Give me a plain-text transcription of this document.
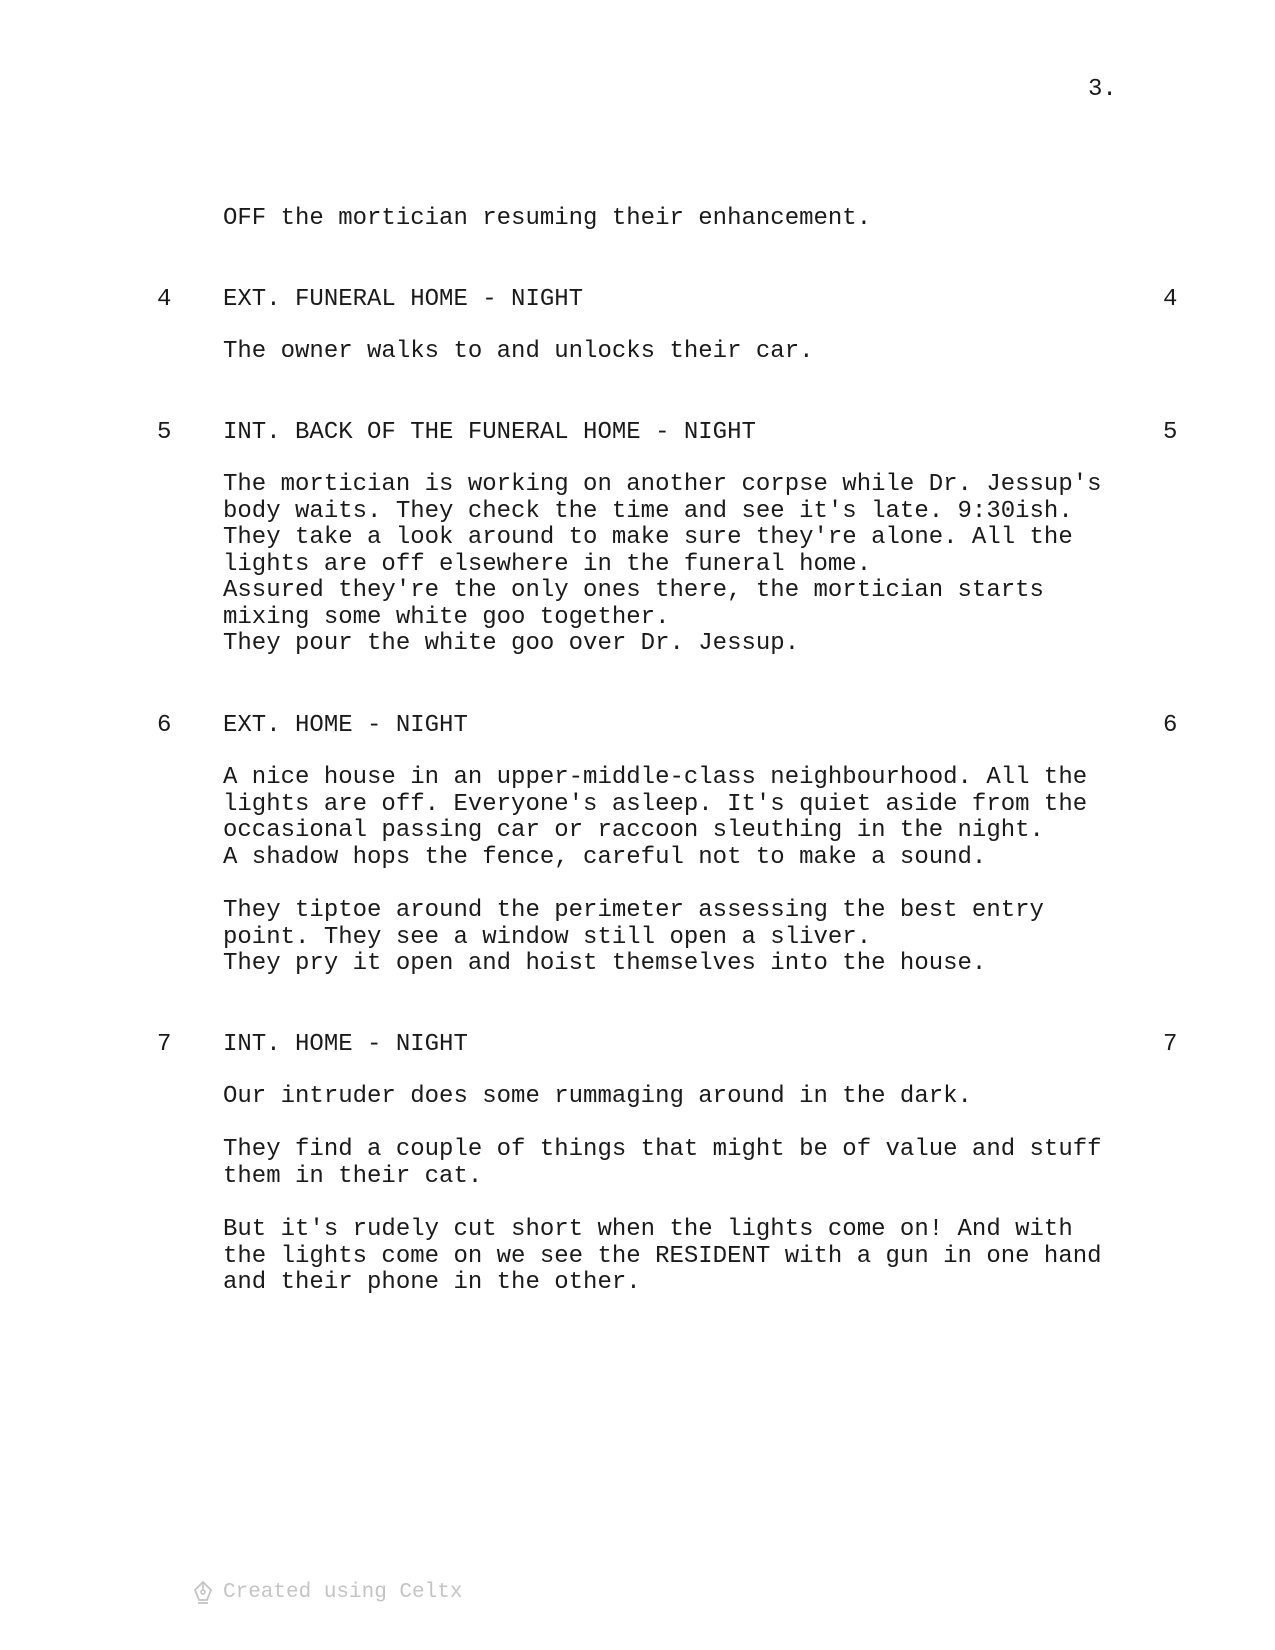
3.

OFF the mortician resuming their enhancement.

4 EXT. FUNERAL HOME - NIGHT	4

The owner walks to and unlocks their car.

5 INT. BACK OF THE FUNERAL HOME - NIGHT	5

The mortician is working on another corpse while Dr. Jessup's
body waits. They check the time and see it's late. 9:30ish.

They take a look around to make sure they're alone. All the
lights are off elsewhere in the funeral home.

Assured they're the only ones there, the mortician starts
mixing some white goo together.

They pour the white goo over Dr. Jessup.

6 EXT. HOME - NIGHT	6

A nice house in an upper-middle-class neighbourhood. All the
lights are off. Everyone's asleep. It's quiet aside from the
occasional passing car or raccoon sleuthing in the night.

A shadow hops the fence, careful not to make a sound.

They tiptoe around the perimeter assessing the best entry
point. They see a window still open a sliver.

They pry it open and hoist themselves into the house.

7 INT. HOME - NIGHT	7

Our intruder does some rummaging around in the dark.

They find a couple of things that might be of value and stuff
them in their cat.

But it's rudely cut short when the lights come on! And with
the lights come on we see the RESIDENT with a gun in one hand
and their phone in the other.

Created using Celtx
